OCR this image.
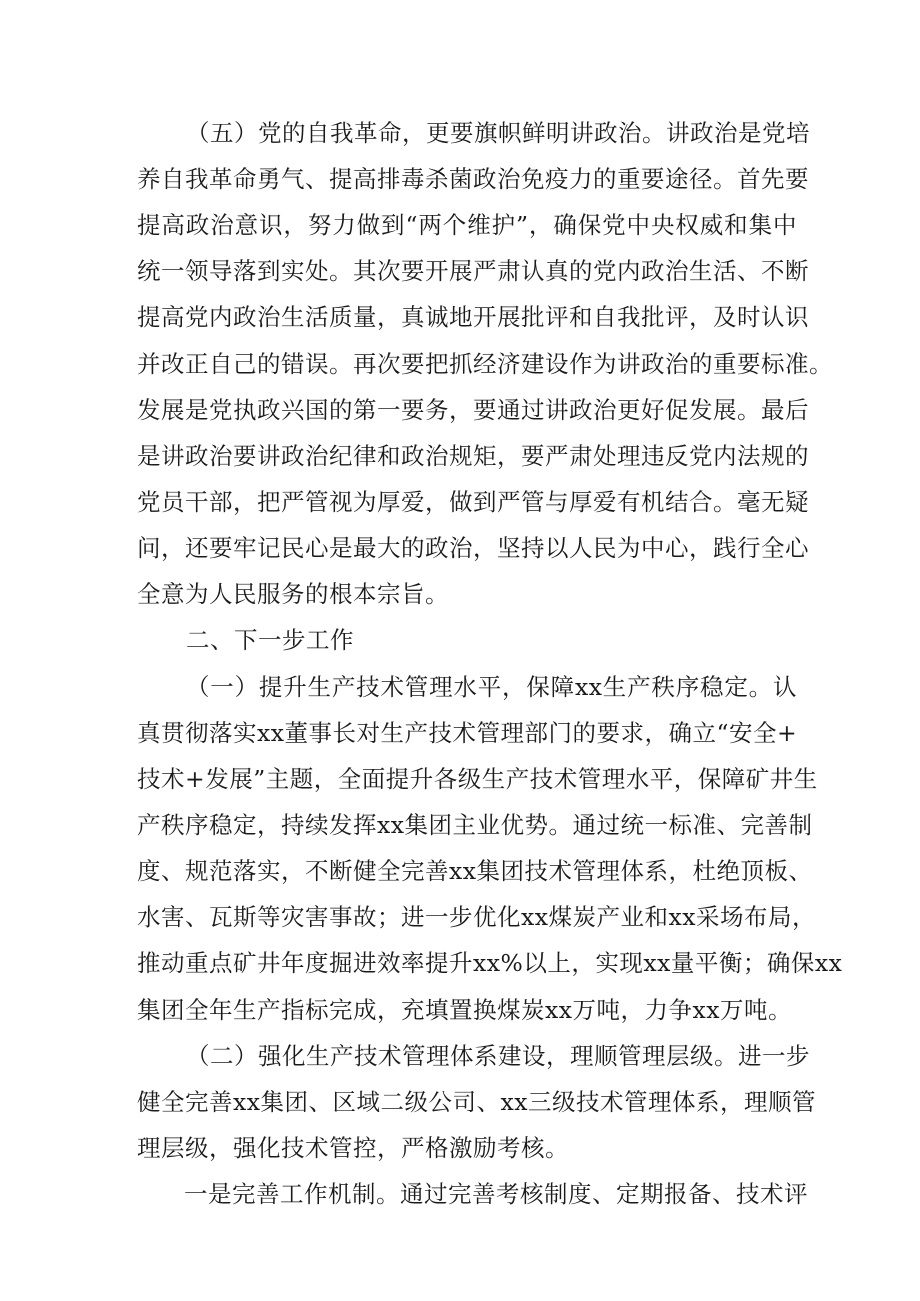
（五）党的自我革命，更要旗帜鲜明讲政治。讲政治是党培
养自我革命勇气、提高排毒杀菌政治免疫力的重要途径。首先要
提高政治意识，努力做到“两个维护”，确保党中央权威和集中
统一领导落到实处。其次要开展严肃认真的党内政治生活、不断
提高党内政治生活质量，真诚地开展批评和自我批评，及时认识
并改正自己的错误。再次要把抓经济建设作为讲政治的重要标准。
发展是党执政兴国的第一要务，要通过讲政治更好促发展。最后
是讲政治要讲政治纪律和政治规矩，要严肃处理违反党内法规的
党员干部，把严管视为厚爱，做到严管与厚爱有机结合。毫无疑
问，还要牢记民心是最大的政治，坚持以人民为中心，践行全心
全意为人民服务的根本宗旨。
二、下一步工作
（一）提升生产技术管理水平，保障xx生产秩序稳定。认
真贯彻落实xx董事长对生产技术管理部门的要求，确立“安全+
技术+发展”主题，全面提升各级生产技术管理水平，保障矿井生
产秩序稳定，持续发挥xx集团主业优势。通过统一标准、完善制
度、规范落实，不断健全完善xx集团技术管理体系，杜绝顶板、
水害、瓦斯等灾害事故；进一步优化xx煤炭产业和xx采场布局，
推动重点矿井年度掘进效率提升xx%以上，实现xx量平衡；确保xx
集团全年生产指标完成，充填置换煤炭xx万吨，力争xx万吨。
（二）强化生产技术管理体系建设，理顺管理层级。进一步
健全完善xx集团、区域二级公司、xx三级技术管理体系，理顺管
理层级，强化技术管控，严格激励考核。
一是完善工作机制。通过完善考核制度、定期报备、技术评
